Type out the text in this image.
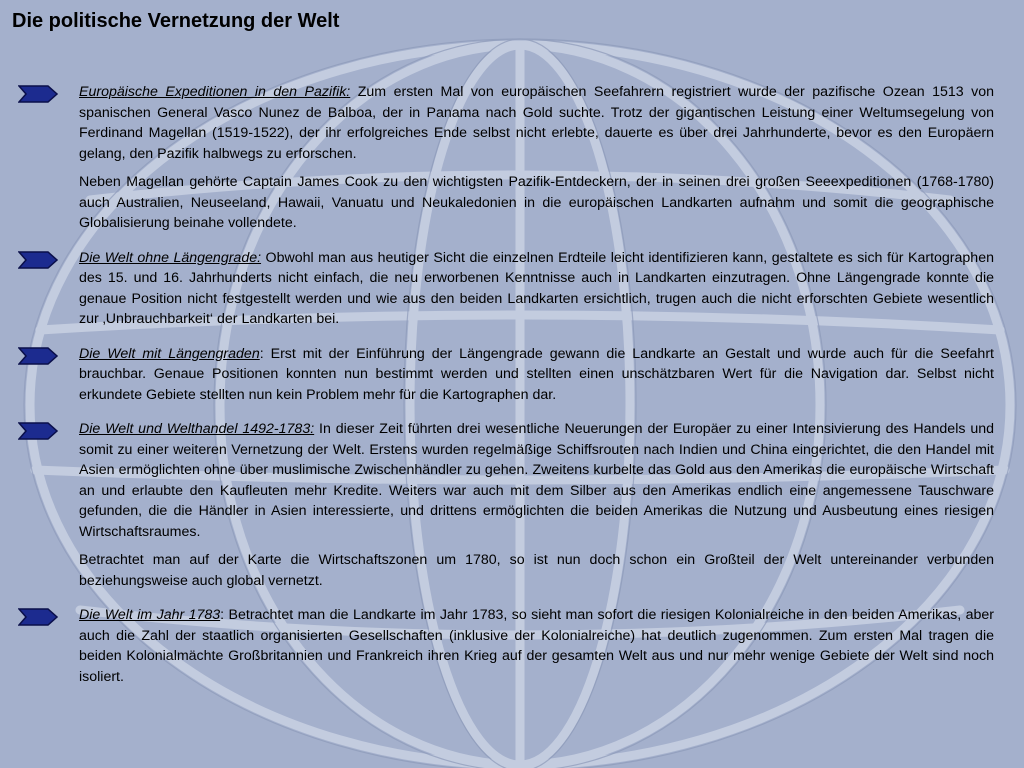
Die politische Vernetzung der Welt

Europäische Expeditionen in den Pazifik: Zum ersten Mal von europäischen Seefahrern registriert wurde der pazifische Ozean 1513 von spanischen General Vasco Nunez de Balboa, der in Panama nach Gold suchte. Trotz der gigantischen Leistung einer Weltumsegelung von Ferdinand Magellan (1519-1522), der ihr erfolgreiches Ende selbst nicht erlebte, dauerte es über drei Jahrhunderte, bevor es den Europäern gelang, den Pazifik halbwegs zu erforschen.

Neben Magellan gehörte Captain James Cook zu den wichtigsten Pazifik-Entdeckern, der in seinen drei großen Seeexpeditionen (1768-1780) auch Australien, Neuseeland, Hawaii, Vanuatu und Neukaledonien in die europäischen Landkarten aufnahm und somit die geographische Globalisierung beinahe vollendete.

Die Welt ohne Längengrade: Obwohl man aus heutiger Sicht die einzelnen Erdteile leicht identifizieren kann, gestaltete es sich für Kartographen des 15. und 16. Jahrhunderts nicht einfach, die neu erworbenen Kenntnisse auch in Landkarten einzutragen. Ohne Längengrade konnte die genaue Position nicht festgestellt werden und wie aus den beiden Landkarten ersichtlich, trugen auch die nicht erforschten Gebiete wesentlich zur ‚Unbrauchbarkeit‘ der Landkarten bei.

Die Welt mit Längengraden: Erst mit der Einführung der Längengrade gewann die Landkarte an Gestalt und wurde auch für die Seefahrt brauchbar. Genaue Positionen konnten nun bestimmt werden und stellten einen unschätzbaren Wert für die Navigation dar. Selbst nicht erkundete Gebiete stellten nun kein Problem mehr für die Kartographen dar.

Die Welt und Welthandel 1492-1783: In dieser Zeit führten drei wesentliche Neuerungen der Europäer zu einer Intensivierung des Handels und somit zu einer weiteren Vernetzung der Welt. Erstens wurden regelmäßige Schiffsrouten nach Indien und China eingerichtet, die den Handel mit Asien ermöglichten ohne über muslimische Zwischenhändler zu gehen. Zweitens kurbelte das Gold aus den Amerikas die europäische Wirtschaft an und erlaubte den Kaufleuten mehr Kredite. Weiters war auch mit dem Silber aus den Amerikas endlich eine angemessene Tauschware gefunden, die die Händler in Asien interessierte, und drittens ermöglichten die beiden Amerikas die Nutzung und Ausbeutung eines riesigen Wirtschaftsraumes.

Betrachtet man auf der Karte die Wirtschaftszonen um 1780, so ist nun doch schon ein Großteil der Welt untereinander verbunden beziehungsweise auch global vernetzt.

Die Welt im Jahr 1783: Betrachtet man die Landkarte im Jahr 1783, so sieht man sofort die riesigen Kolonialreiche in den beiden Amerikas, aber auch die Zahl der staatlich organisierten Gesellschaften (inklusive der Kolonialreiche) hat deutlich zugenommen. Zum ersten Mal tragen die beiden Kolonialmächte Großbritannien und Frankreich ihren Krieg auf der gesamten Welt aus und nur mehr wenige Gebiete der Welt sind noch isoliert.
